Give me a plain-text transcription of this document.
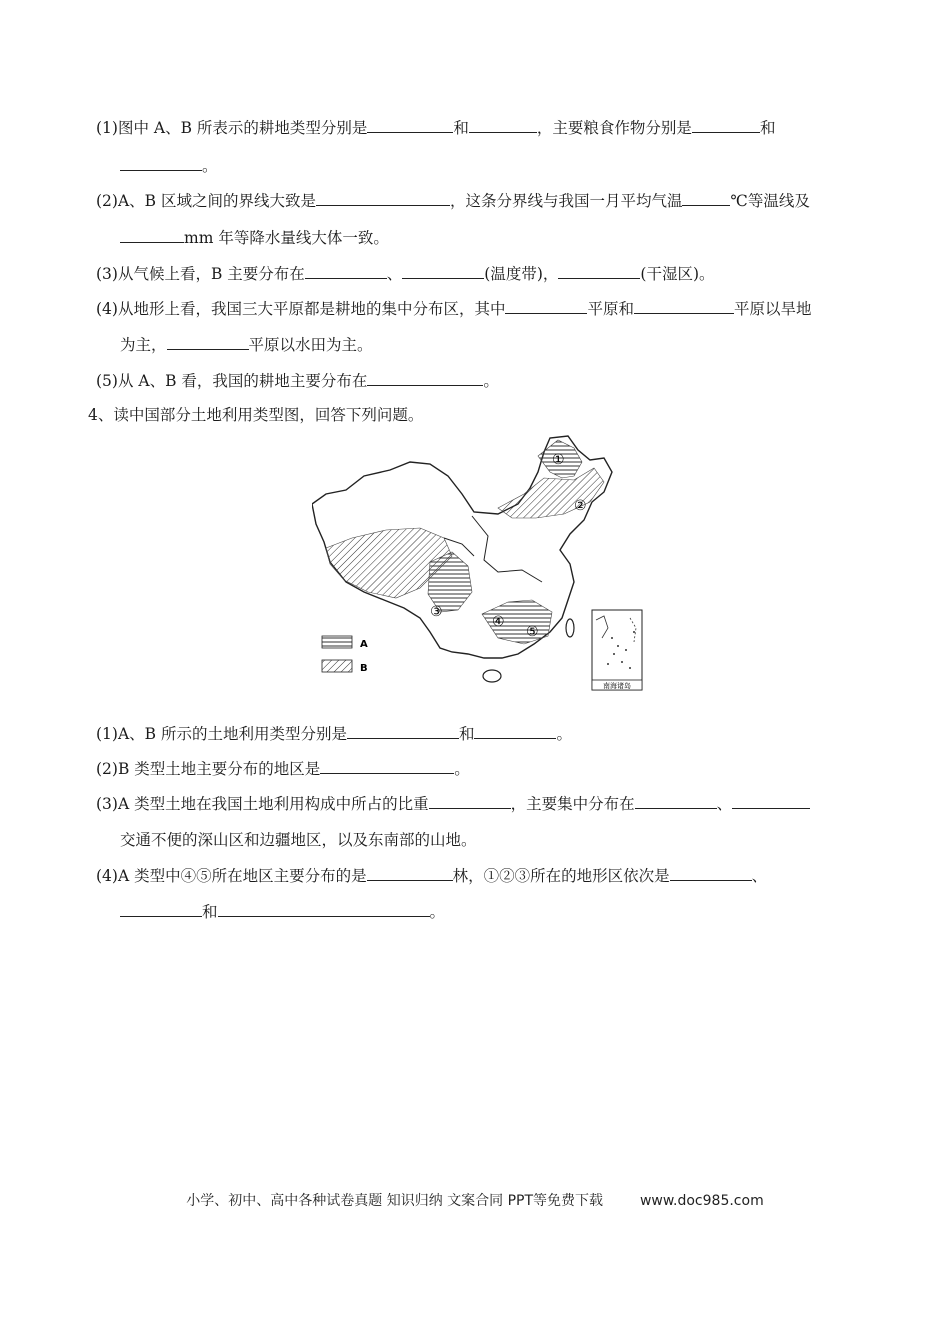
(1)图中 A、B 所表示的耕地类型分别是	和	，主要粮食作物分别是	和
。
(2)A、B 区域之间的界线大致是	，这条分界线与我国一月平均气温	℃等温线及
mm 年等降水量线大体一致。
(3)从气候上看，B 主要分布在	、	(温度带)，	(干湿区)。
(4)从地形上看，我国三大平原都是耕地的集中分布区，其中	平原和	平原以旱地
为主，	平原以水田为主。
(5)从 A、B 看，我国的耕地主要分布在	。
4、读中国部分土地利用类型图，回答下列问题。
①
②
③
④
⑤
A
B
南海诸岛
(1)A、B 所示的土地利用类型分别是	和	。
(2)B 类型土地主要分布的地区是	。
(3)A 类型土地在我国土地利用构成中所占的比重	，主要集中分布在	、
交通不便的深山区和边疆地区，以及东南部的山地。
(4)A 类型中④⑤所在地区主要分布的是	林，①②③所在的地形区依次是	、
和	。
小学、初中、高中各种试卷真题 知识归纳 文案合同 PPT等免费下载	www.doc985.com
